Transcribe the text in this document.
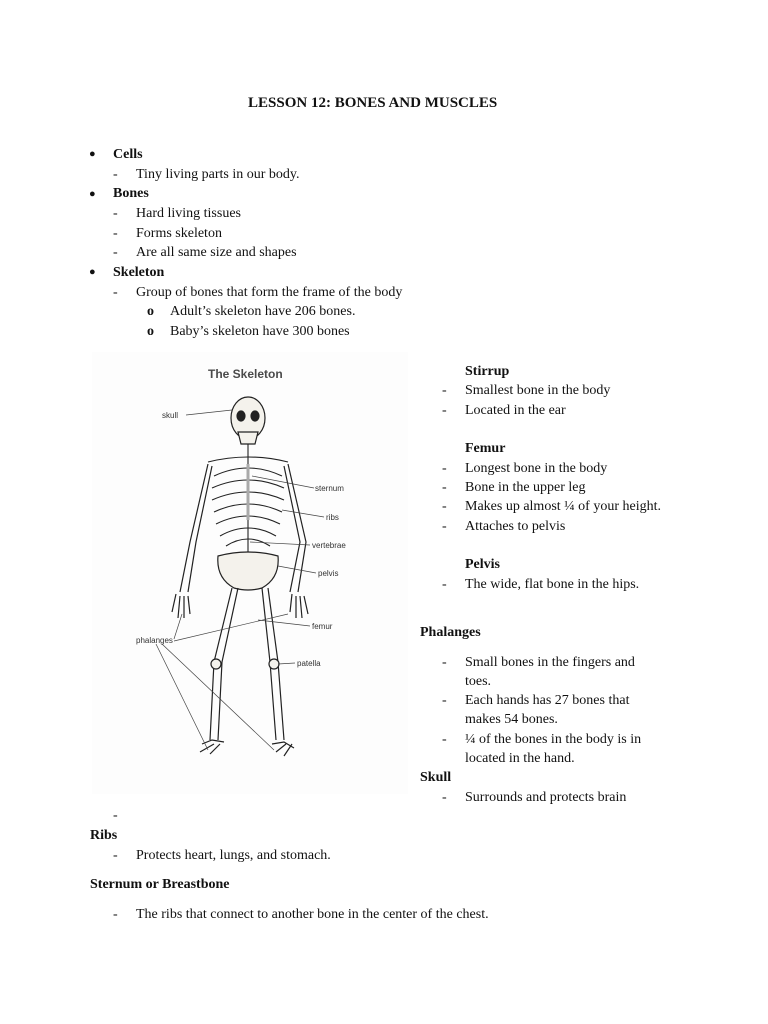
LESSON 12: BONES AND MUSCLES
● Cells
- Tiny living parts in our body.
● Bones
- Hard living tissues
- Forms skeleton
- Are all same size and shapes
● Skeleton
- Group of bones that form the frame of the body
o Adult’s skeleton have 206 bones.
o Baby’s skeleton have 300 bones
The Skeleton
skull
sternum
ribs
vertebrae
pelvis
phalanges
femur
patella
Stirrup
- Smallest bone in the body
- Located in the ear
Femur
- Longest bone in the body
- Bone in the upper leg
- Makes up almost ¼ of your height.
- Attaches to pelvis
Pelvis
- The wide, flat bone in the hips.
Phalanges
- Small bones in the fingers and
toes.
- Each hands has 27 bones that
makes 54 bones.
- ¼ of the bones in the body is in
located in the hand.
Skull
- Surrounds and protects brain
-
Ribs
- Protects heart, lungs, and stomach.
Sternum or Breastbone
- The ribs that connect to another bone in the center of the chest.
